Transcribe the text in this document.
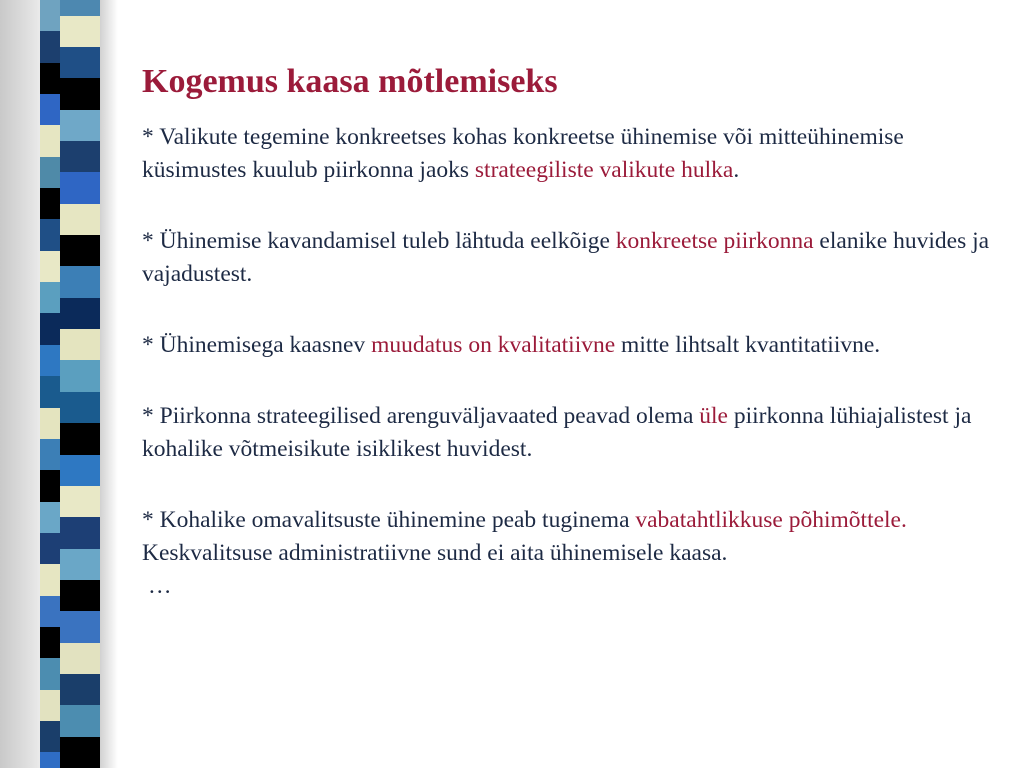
Kogemus kaasa mõtlemiseks
* Valikute tegemine konkreetses kohas konkreetse ühinemise või mitteühinemise küsimustes kuulub piirkonna jaoks strateegiliste valikute hulka.
* Ühinemise kavandamisel tuleb lähtuda eelkõige konkreetse piirkonna elanike huvides ja vajadustest.
* Ühinemisega kaasnev muudatus on kvalitatiivne mitte lihtsalt kvantitatiivne.
* Piirkonna strateegilised arenguväljavaated peavad olema üle piirkonna lühiajalistest ja kohalike võtmeisikute isiklikest huvidest.
* Kohalike omavalitsuste ühinemine peab tuginema vabatahtlikkuse põhimõttele. Keskvalitsuse administratiivne sund ei aita ühinemisele kaasa.
…
